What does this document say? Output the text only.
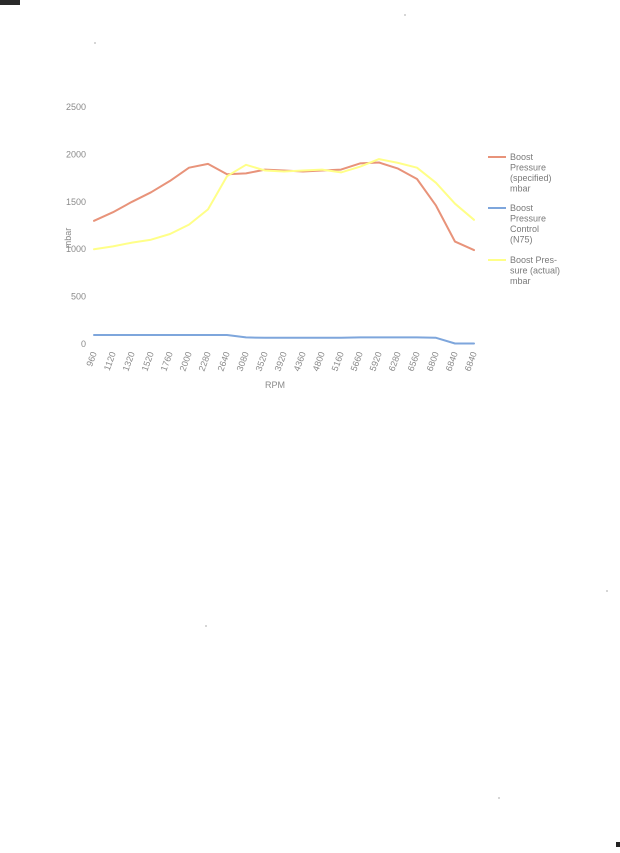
0
500
1000
1500
2000
2500
960 1120 1320 1520 1760 2000 2280 2640 3080 3520 3920 4360 4800 5160 5660 5920 6280 6560 6800 6840 6840
RPM
mbar
Boost
Pressure
(specified)
mbar
Boost
Pressure
Control
(N75)
Boost Pres-
sure (actual)
mbar
